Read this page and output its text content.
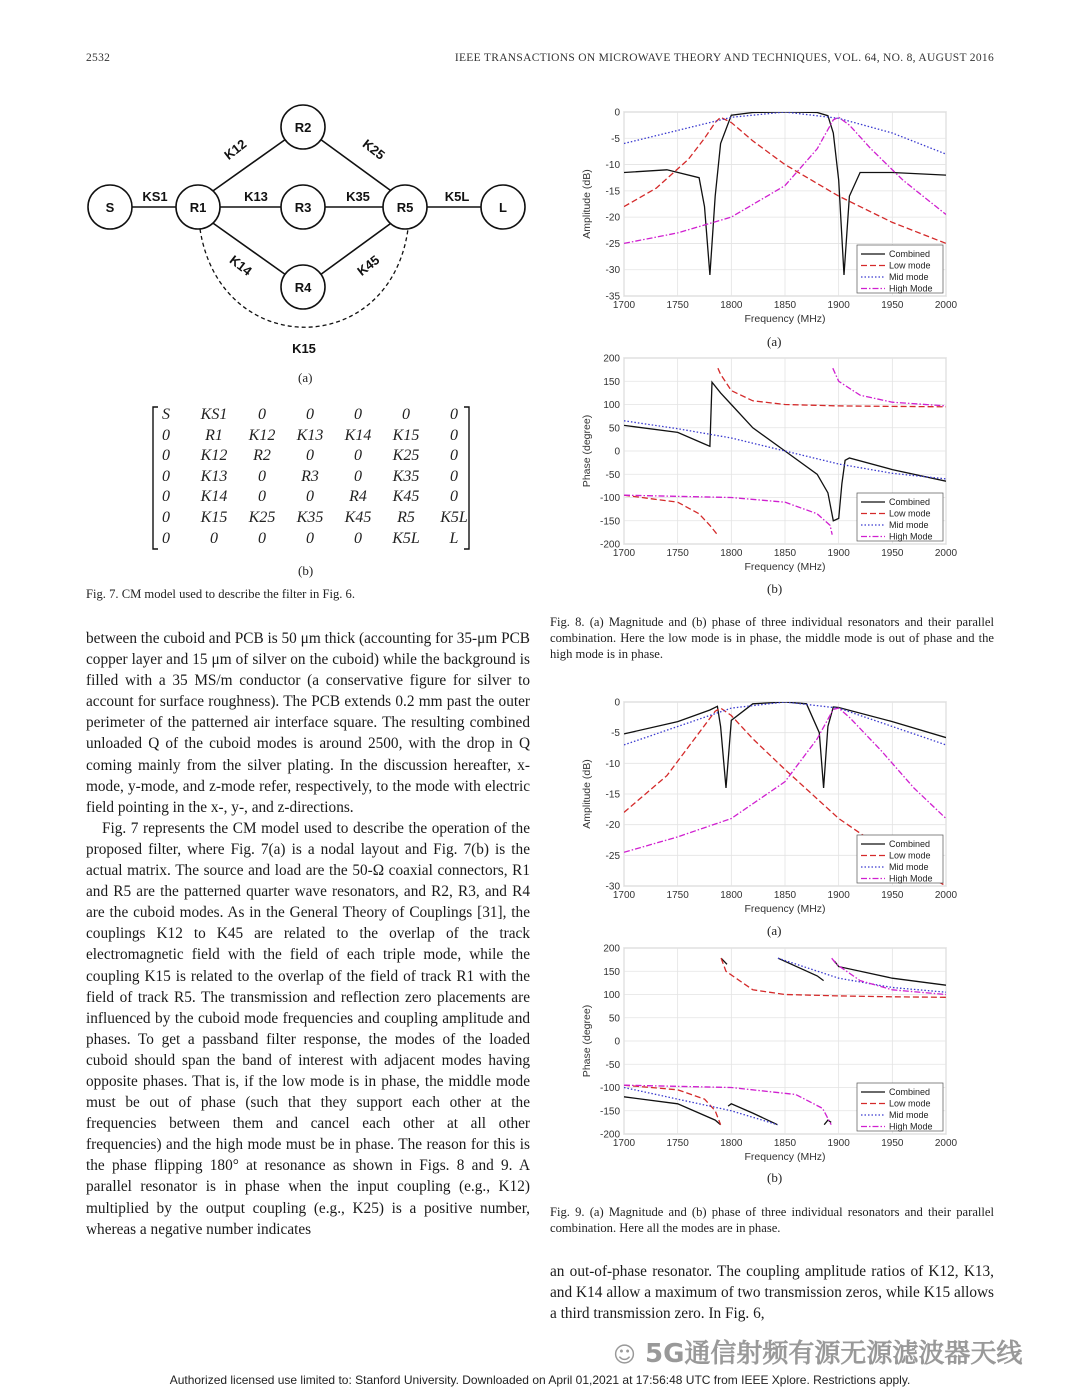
2532	IEEE TRANSACTIONS ON MICROWAVE THEORY AND TECHNIQUES, VOL. 64, NO. 8, AUGUST 2016
S	R1
R2
R3
R4
R5	L
KS1	K13	K35	K5L
K12	K25
K14	K45
K15
(a)
S	KS1	0	0	0	0	0
0	R1	K12	K13	K14	K15	0
0	K12	R2	0	0	K25	0
0	K13	0	R3	0	K35	0
0	K14	0	0	R4	K45	0
0	K15	K25	K35	K45	R5	K5L
0	0	0	0	0	K5L	L
(b)
Fig. 7. CM model used to describe the filter in Fig. 6.

between the cuboid and PCB is 50 μm thick (accounting for 35-μm PCB copper layer and 15 μm of silver on the cuboid) while the background is filled with a 35 MS/m conductor (a conservative figure for silver to account for surface roughness). The PCB extends 0.2 mm past the outer perimeter of the patterned air interface square. The resulting combined unloaded Q of the cuboid modes is around 2500, with the drop in Q coming mainly from the silver plating. In the discussion hereafter, x-mode, y-mode, and z-mode refer, respectively, to the mode with electric field pointing in the x-, y-, and z-directions.

Fig. 7 represents the CM model used to describe the operation of the proposed filter, where Fig. 7(a) is a nodal layout and Fig. 7(b) is the actual matrix. The source and load are the 50-Ω coaxial connectors, R1 and R5 are the patterned quarter wave resonators, and R2, R3, and R4 are the cuboid modes. As in the General Theory of Couplings [31], the couplings K12 to K45 are related to the overlap of the track electromagnetic field with the field of each triple mode, while the coupling K15 is related to the overlap of the field of track R1 with the field of track R5. The transmission and reflection zero placements are influenced by the cuboid mode frequencies and coupling amplitude and phases. To get a passband filter response, the modes of the loaded cuboid should span the band of interest with adjacent modes having opposite phases. That is, if the low mode is in phase, the middle mode must be out of phase (such that they support each other at the frequencies between them and cancel each other at all other frequencies) and the high mode must be in phase. The reason for this is the phase flipping 180° at resonance as shown in Figs. 8 and 9. A parallel resonator is in phase when the input coupling (e.g., K12) multiplied by the output coupling (e.g., K25) is a positive number, whereas a negative number indicates

1700	1750	1800	1850	1900	1950	2000
0
-5
-10
-15
-20
-25
-30
-35
Frequency (MHz)
Amplitude (dB)
Combined
Low mode
Mid mode
High Mode
(a)
1700	1750	1800	1850	1900	1950	2000
200
150
100
50
0
-50
-100
-150
-200
Frequency (MHz)
Phase (degree)
Combined
Low mode
Mid mode
High Mode
(b)
Fig. 8. (a) Magnitude and (b) phase of three individual resonators and their parallel combination. Here the low mode is in phase, the middle mode is out of phase and the high mode is in phase.
1700	1750	1800	1850	1900	1950	2000
0
-5
-10
-15
-20
-25
-30
Frequency (MHz)
Amplitude (dB)
Combined
Low mode
Mid mode
High Mode
(a)
1700	1750	1800	1850	1900	1950	2000
200
150
100
50
0
-50
-100
-150
-200
Frequency (MHz)
Phase (degree)
Combined
Low mode
Mid mode
High Mode
(b)
Fig. 9. (a) Magnitude and (b) phase of three individual resonators and their parallel combination. Here all the modes are in phase.

an out-of-phase resonator. The coupling amplitude ratios of K12, K13, and K14 allow a maximum of two transmission zeros, while K15 allows a third transmission zero. In Fig. 6,

☺ 5G通信射频有源无源滤波器天线
Authorized licensed use limited to: Stanford University. Downloaded on April 01,2021 at 17:56:48 UTC from IEEE Xplore. Restrictions apply.
